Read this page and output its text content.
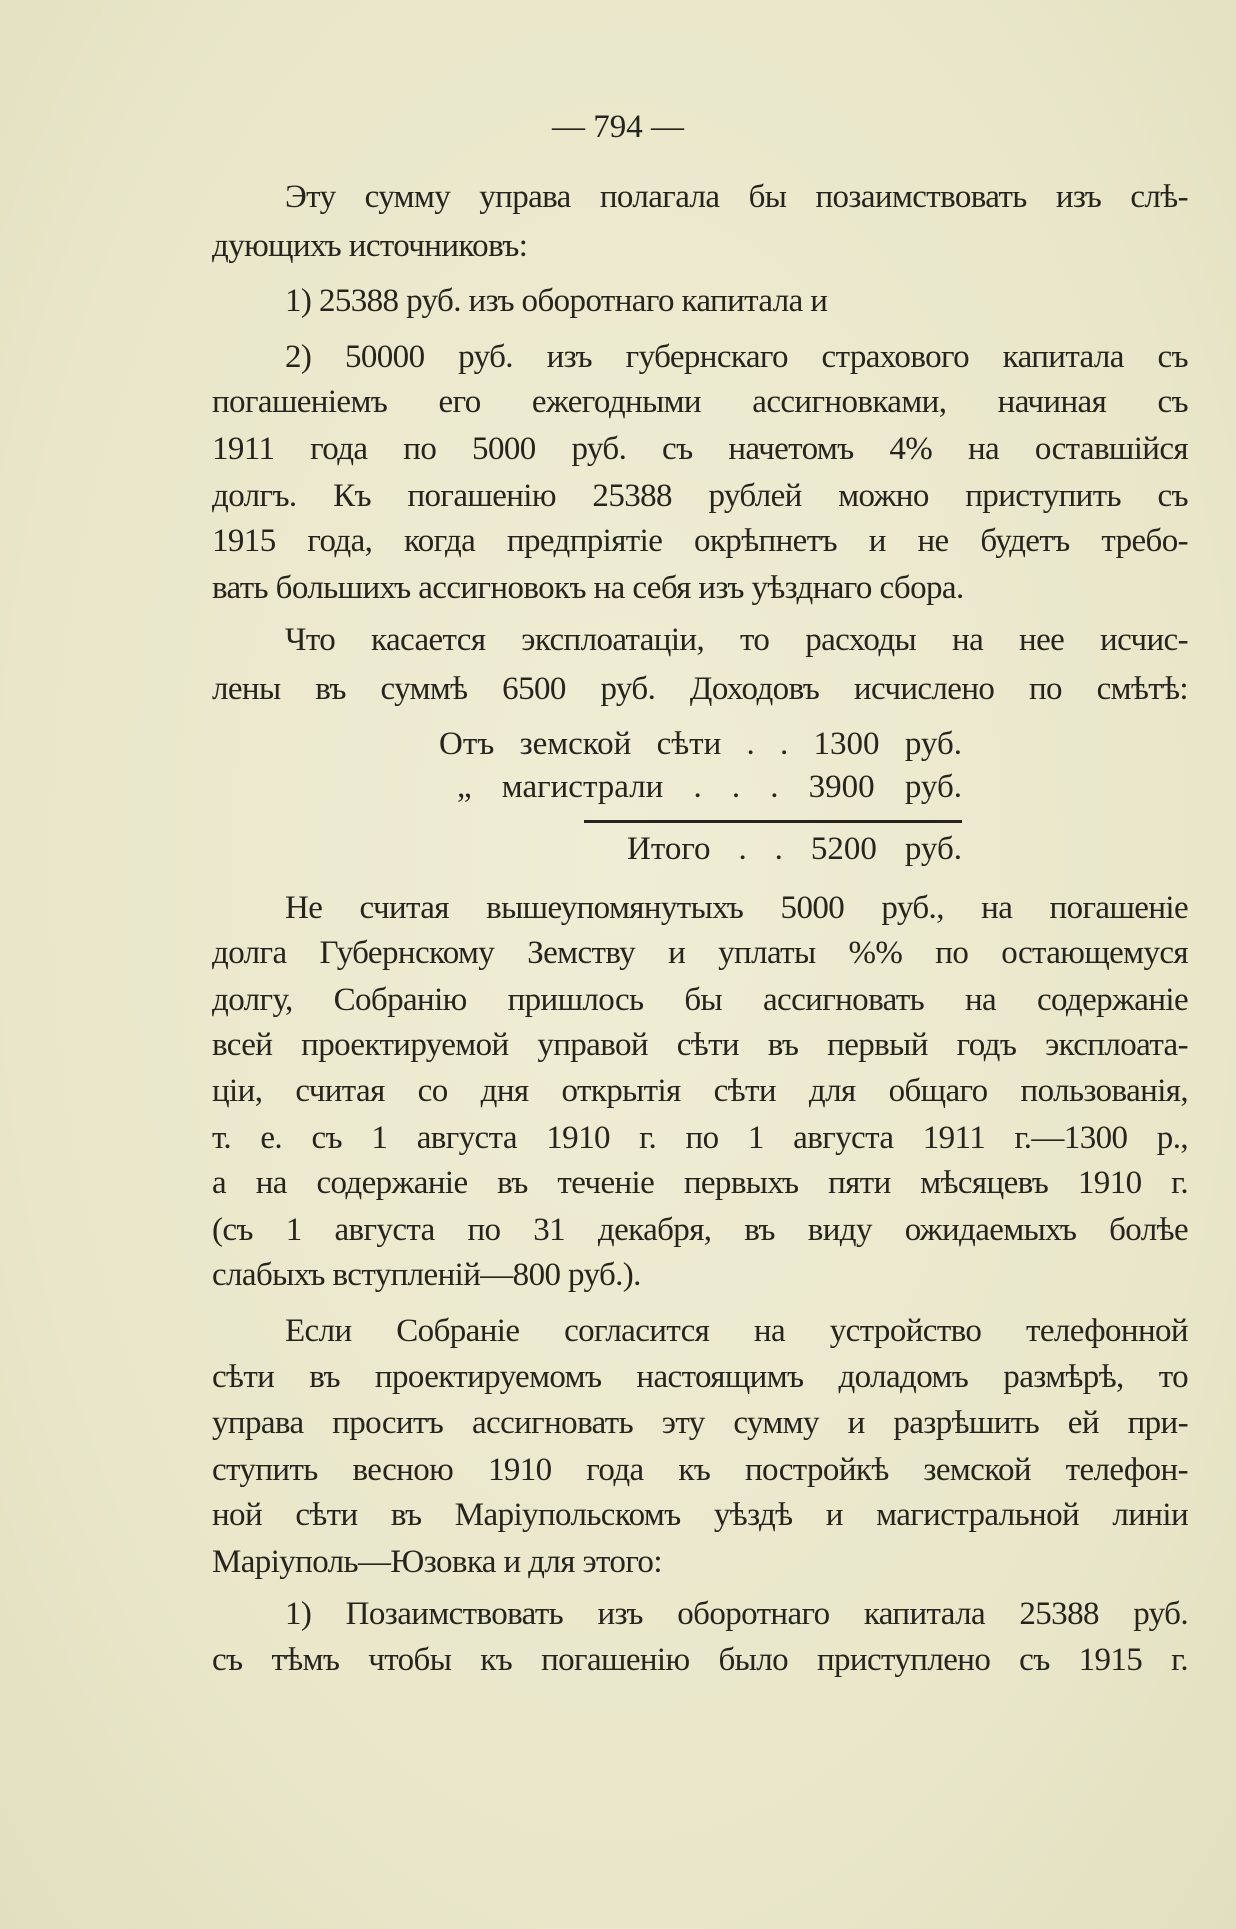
— 794 —
Эту сумму управа полагала бы позаимствовать изъ слѣ-
дующихъ источниковъ:
1) 25388 руб. изъ оборотнаго капитала и
2) 50000 руб. изъ губернскаго страхового капитала съ
погашеніемъ его ежегодными ассигновками, начиная съ
1911 года по 5000 руб. съ начетомъ 4% на оставшійся
долгъ. Къ погашенію 25388 рублей можно приступить съ
1915 года, когда предпріятіе окрѣпнетъ и не будетъ требо-
вать большихъ ассигновокъ на себя изъ уѣзднаго сбора.
Что касается эксплоатаціи, то расходы на нее исчис-
лены въ суммѣ 6500 руб. Доходовъ исчислено по смѣтѣ:
Отъ земской сѣти . . 1300 руб.
„ магистрали . . . 3900 руб.
Итого . . 5200 руб.
Не считая вышеупомянутыхъ 5000 руб., на погашеніе
долга Губернскому Земству и уплаты %% по остающемуся
долгу, Собранію пришлось бы ассигновать на содержаніе
всей проектируемой управой сѣти въ первый годъ эксплоата-
ціи, считая со дня открытія сѣти для общаго пользованія,
т. е. съ 1 августа 1910 г. по 1 августа 1911 г.—1300 р.,
а на содержаніе въ теченіе первыхъ пяти мѣсяцевъ 1910 г.
(съ 1 августа по 31 декабря, въ виду ожидаемыхъ болѣе
слабыхъ вступленій—800 руб.).
Если Собраніе согласится на устройство телефонной
сѣти въ проектируемомъ настоящимъ доладомъ размѣрѣ, то
управа проситъ ассигновать эту сумму и разрѣшить ей при-
ступить весною 1910 года къ постройкѣ земской телефон-
ной сѣти въ Маріупольскомъ уѣздѣ и магистральной линіи
Маріуполь—Юзовка и для этого:
1) Позаимствовать изъ оборотнаго капитала 25388 руб.
съ тѣмъ чтобы къ погашенію было приступлено съ 1915 г.
